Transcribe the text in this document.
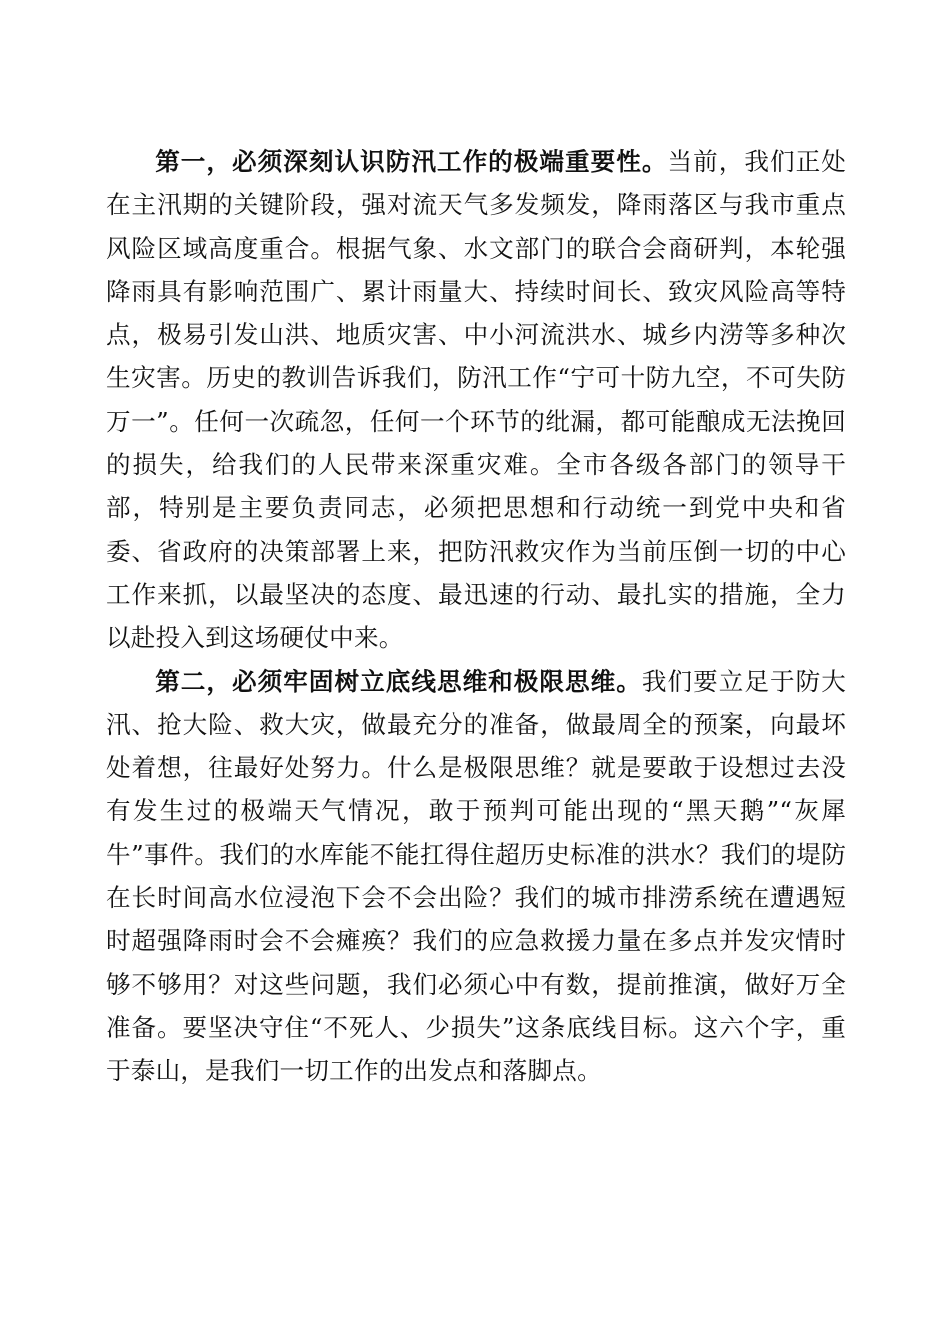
第一，必须深刻认识防汛工作的极端重要性。当前，我们正处在主汛期的关键阶段，强对流天气多发频发，降雨落区与我市重点风险区域高度重合。根据气象、水文部门的联合会商研判，本轮强降雨具有影响范围广、累计雨量大、持续时间长、致灾风险高等特点，极易引发山洪、地质灾害、中小河流洪水、城乡内涝等多种次生灾害。历史的教训告诉我们，防汛工作“宁可十防九空，不可失防万一”。任何一次疏忽，任何一个环节的纰漏，都可能酿成无法挽回的损失，给我们的人民带来深重灾难。全市各级各部门的领导干部，特别是主要负责同志，必须把思想和行动统一到党中央和省委、省政府的决策部署上来，把防汛救灾作为当前压倒一切的中心工作来抓，以最坚决的态度、最迅速的行动、最扎实的措施，全力以赴投入到这场硬仗中来。

第二，必须牢固树立底线思维和极限思维。我们要立足于防大汛、抢大险、救大灾，做最充分的准备，做最周全的预案，向最坏处着想，往最好处努力。什么是极限思维？就是要敢于设想过去没有发生过的极端天气情况，敢于预判可能出现的“黑天鹅”“灰犀牛”事件。我们的水库能不能扛得住超历史标准的洪水？我们的堤防在长时间高水位浸泡下会不会出险？我们的城市排涝系统在遭遇短时超强降雨时会不会瘫痪？我们的应急救援力量在多点并发灾情时够不够用？对这些问题，我们必须心中有数，提前推演，做好万全准备。要坚决守住“不死人、少损失”这条底线目标。这六个字，重于泰山，是我们一切工作的出发点和落脚点。
